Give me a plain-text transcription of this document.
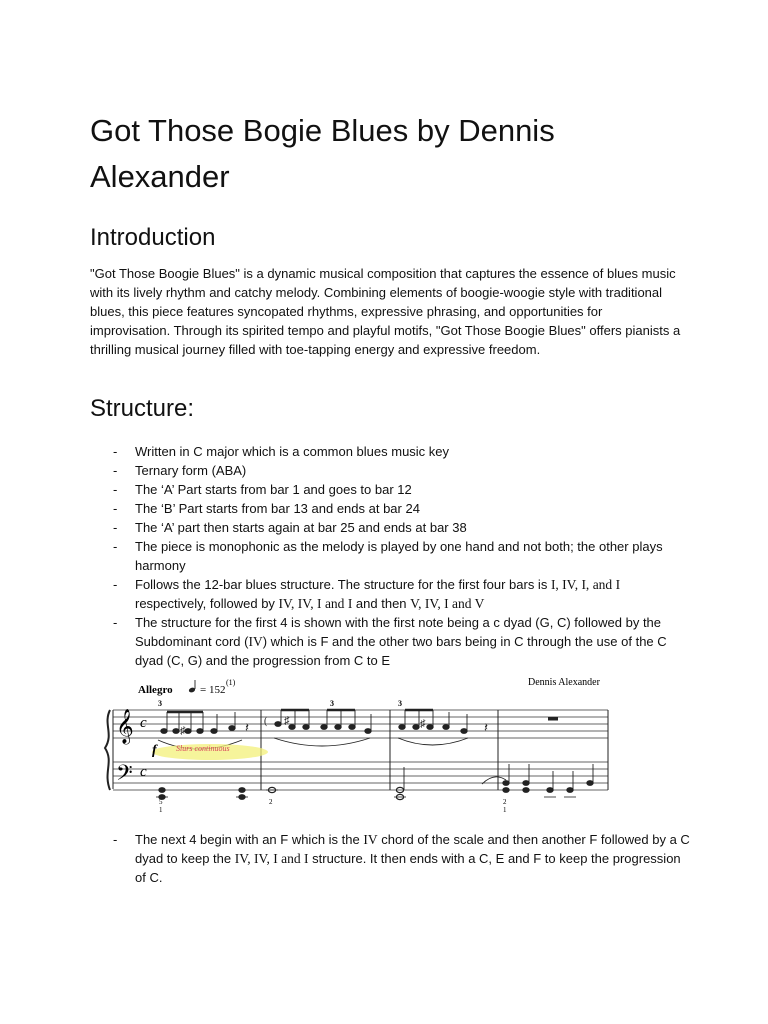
Got Those Bogie Blues by Dennis Alexander
Introduction

"Got Those Boogie Blues" is a dynamic musical composition that captures the essence of blues music with its lively rhythm and catchy melody. Combining elements of boogie-woogie style with traditional blues, this piece features syncopated rhythms, expressive phrasing, and opportunities for improvisation. Through its spirited tempo and playful motifs, "Got Those Boogie Blues" offers pianists a thrilling musical journey filled with toe-tapping energy and expressive freedom.

Structure:
- Written in C major which is a common blues music key
- Ternary form (ABA)
- The ‘A’ Part starts from bar 1 and goes to bar 12
- The ‘B’ Part starts from bar 13 and ends at bar 24
- The ‘A’ part then starts again at bar 25 and ends at bar 38
- The piece is monophonic as the melody is played by one hand and not both; the other plays harmony
- Follows the 12-bar blues structure. The structure for the first four bars is I, IV, I, and I respectively, followed by IV, IV, I and I and then V, IV, I and V
- The structure for the first 4 is shown with the first note being a c dyad (G, C) followed by the Subdominant cord (IV) which is F and the other two bars being in C through the use of the C dyad (C, G) and the progression from C to E
Allegro = 152
(1)	Dennis Alexander
𝄞
𝄢
c
c
3	3	3
♯	𝄽
f Slurs continuous
5
1
( ♯
2
♯	𝄽
2
1
- The next 4 begin with an F which is the IV chord of the scale and then another F followed by a C dyad to keep the IV, IV, I and I structure. It then ends with a C, E and F to keep the progression of C.
